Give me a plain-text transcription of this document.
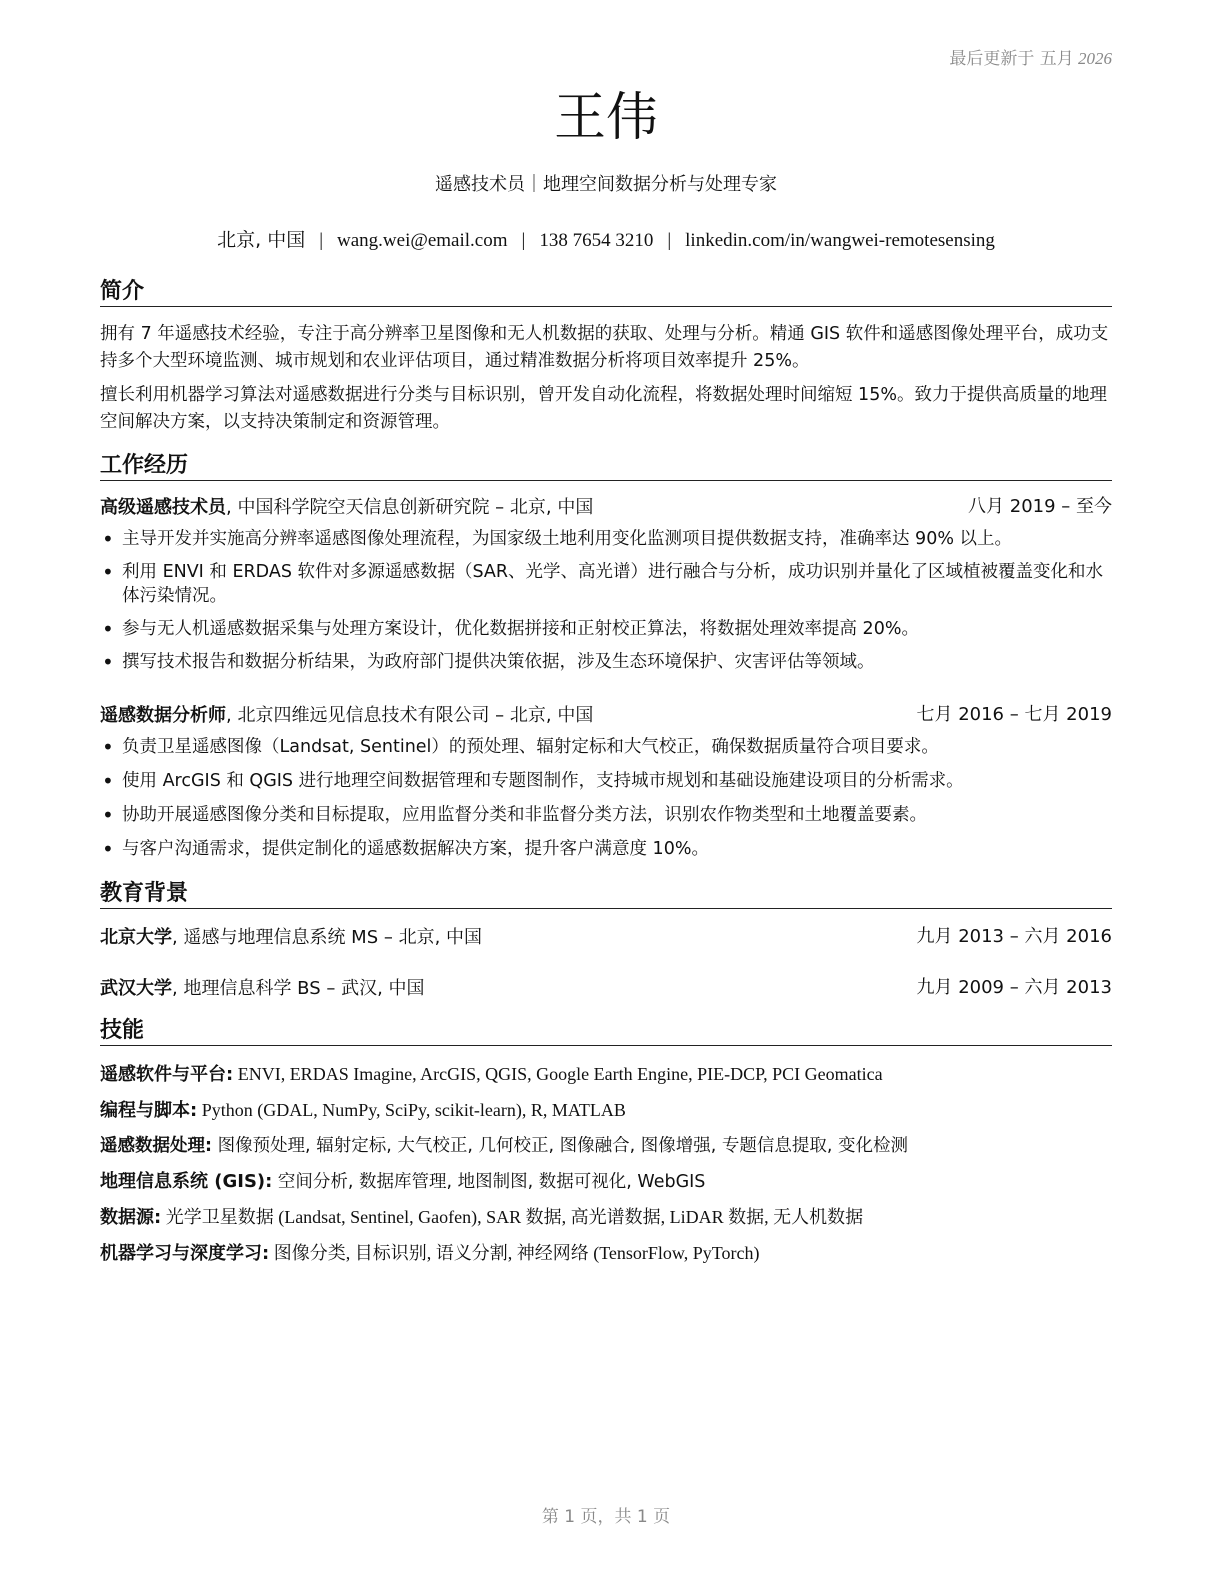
最后更新于 五月 2026
王伟
遥感技术员｜地理空间数据分析与处理专家
北京, 中国 | wang.wei@email.com | 138 7654 3210 | linkedin.com/in/wangwei-remotesensing
简介

拥有 7 年遥感技术经验，专注于高分辨率卫星图像和无人机数据的获取、处理与分析。精通 GIS 软件和遥感图像处理平台，成功支持多个大型环境监测、城市规划和农业评估项目，通过精准数据分析将项目效率提升 25%。

擅长利用机器学习算法对遥感数据进行分类与目标识别，曾开发自动化流程，将数据处理时间缩短 15%。致力于提供高质量的地理空间解决方案，以支持决策制定和资源管理。

工作经历
高级遥感技术员, 中国科学院空天信息创新研究院 – 北京, 中国	八月 2019 – 至今
• 主导开发并实施高分辨率遥感图像处理流程，为国家级土地利用变化监测项目提供数据支持，准确率达 90% 以上。
• 利用 ENVI 和 ERDAS 软件对多源遥感数据（SAR、光学、高光谱）进行融合与分析，成功识别并量化了区域植被覆盖变化和水体污染情况。
• 参与无人机遥感数据采集与处理方案设计，优化数据拼接和正射校正算法，将数据处理效率提高 20%。
• 撰写技术报告和数据分析结果，为政府部门提供决策依据，涉及生态环境保护、灾害评估等领域。
遥感数据分析师, 北京四维远见信息技术有限公司 – 北京, 中国	七月 2016 – 七月 2019
• 负责卫星遥感图像（Landsat, Sentinel）的预处理、辐射定标和大气校正，确保数据质量符合项目要求。
• 使用 ArcGIS 和 QGIS 进行地理空间数据管理和专题图制作，支持城市规划和基础设施建设项目的分析需求。
• 协助开展遥感图像分类和目标提取，应用监督分类和非监督分类方法，识别农作物类型和土地覆盖要素。
• 与客户沟通需求，提供定制化的遥感数据解决方案，提升客户满意度 10%。
教育背景
北京大学, 遥感与地理信息系统 MS – 北京, 中国	九月 2013 – 六月 2016
武汉大学, 地理信息科学 BS – 武汉, 中国	九月 2009 – 六月 2013
技能

遥感软件与平台: ENVI, ERDAS Imagine, ArcGIS, QGIS, Google Earth Engine, PIE-DCP, PCI Geomatica

编程与脚本: Python (GDAL, NumPy, SciPy, scikit-learn), R, MATLAB

遥感数据处理: 图像预处理, 辐射定标, 大气校正, 几何校正, 图像融合, 图像增强, 专题信息提取, 变化检测

地理信息系统 (GIS): 空间分析, 数据库管理, 地图制图, 数据可视化, WebGIS

数据源: 光学卫星数据 (Landsat, Sentinel, Gaofen), SAR 数据, 高光谱数据, LiDAR 数据, 无人机数据

机器学习与深度学习: 图像分类, 目标识别, 语义分割, 神经网络 (TensorFlow, PyTorch)

第 1 页，共 1 页
